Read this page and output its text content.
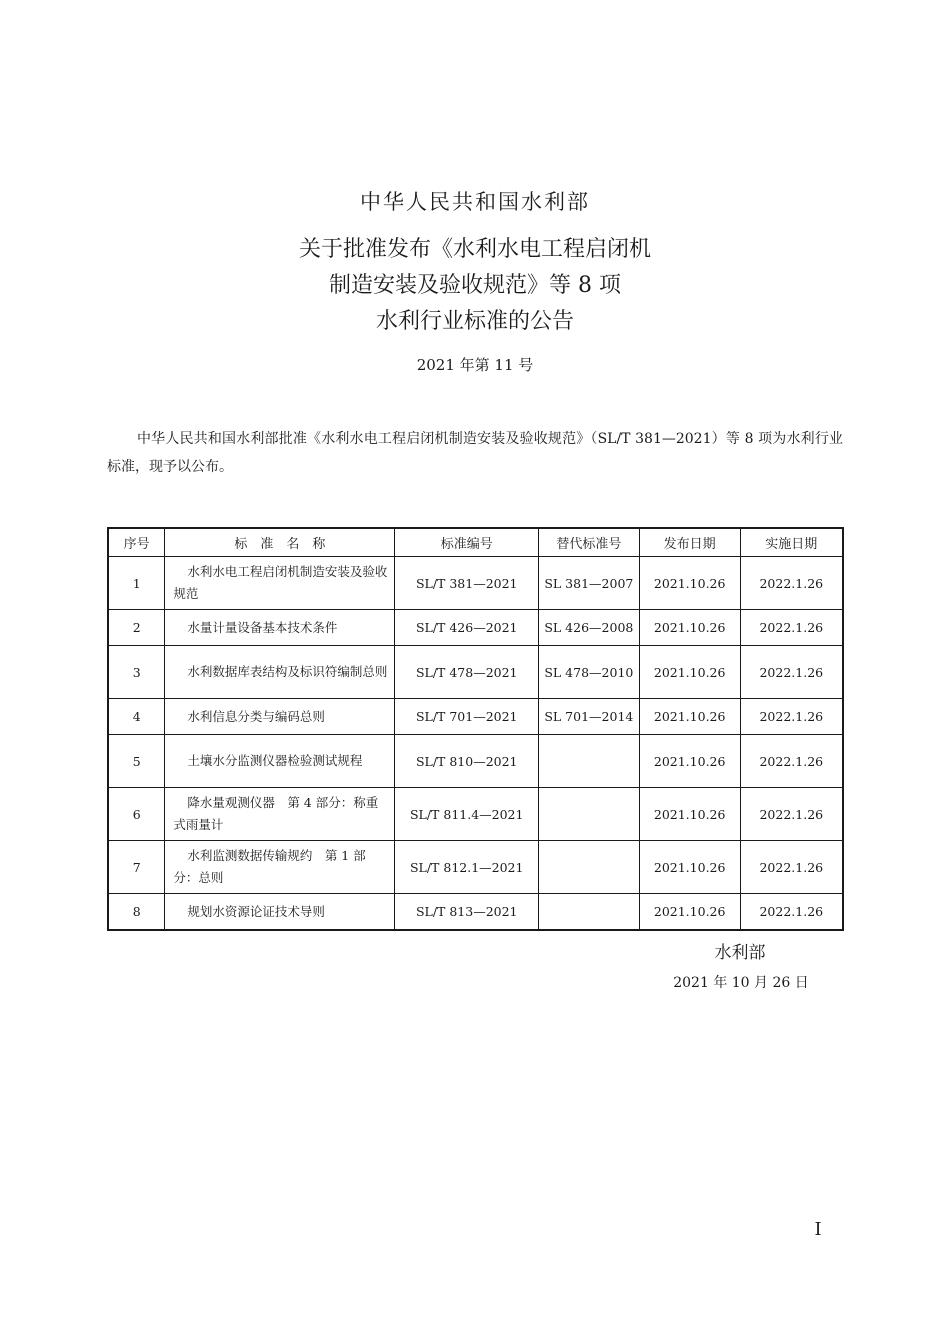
中华人民共和国水利部
关于批准发布《水利水电工程启闭机
制造安装及验收规范》等 8 项
水利行业标准的公告
2021 年第 11 号
中华人民共和国水利部批准《水利水电工程启闭机制造安装及验收规范》（SL/T 381—2021）等 8 项为水利行业标准，现予以公布。
序号	标　准　名　称	标准编号	替代标准号	发布日期	实施日期
1	水利水电工程启闭机制造安装及验收规范	SL/T 381—2021	SL 381—2007	2021.10.26	2022.1.26
2	水量计量设备基本技术条件	SL/T 426—2021	SL 426—2008	2021.10.26	2022.1.26
3	水利数据库表结构及标识符编制总则	SL/T 478—2021	SL 478—2010	2021.10.26	2022.1.26
4	水利信息分类与编码总则	SL/T 701—2021	SL 701—2014	2021.10.26	2022.1.26
5	土壤水分监测仪器检验测试规程	SL/T 810—2021		2021.10.26	2022.1.26
6	降水量观测仪器　第 4 部分：称重式雨量计	SL/T 811.4—2021		2021.10.26	2022.1.26
7	水利监测数据传输规约　第 1 部分：总则	SL/T 812.1—2021		2021.10.26	2022.1.26
8	规划水资源论证技术导则	SL/T 813—2021		2021.10.26	2022.1.26
水利部
2021 年 10 月 26 日
I
